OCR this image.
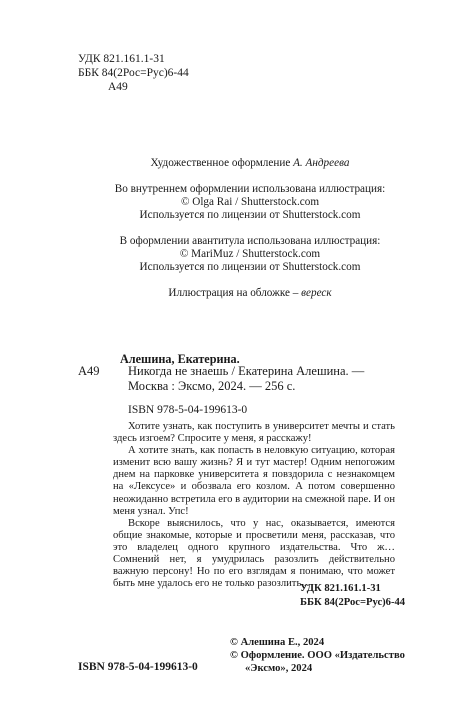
УДК 821.161.1-31
ББК 84(2Рос=Рус)6-44
А49

Художественное оформление А. Андреева

Во внутреннем оформлении использована иллюстрация:

© Olga Rai / Shutterstock.com

Используется по лицензии от Shutterstock.com

В оформлении авантитула использована иллюстрация:

© MariMuz / Shutterstock.com

Используется по лицензии от Shutterstock.com

Иллюстрация на обложке – вереск

Алешина, Екатерина.
А49 Никогда не знаешь / Екатерина Алешина. —
Москва : Эксмо, 2024. — 256 с.
ISBN 978-5-04-199613-0

Хотите узнать, как поступить в университет мечты и стать здесь изгоем? Спросите у меня, я расскажу!

А хотите знать, как попасть в неловкую ситуацию, которая изменит всю вашу жизнь? Я и тут мастер! Одним непогожим днем на парковке университета я повздорила с незнакомцем на «Лексусе» и обозвала его козлом. А потом совершенно неожиданно встретила его в аудитории на смежной паре. И он меня узнал. Упс!

Вскоре выяснилось, что у нас, оказывается, имеются общие знакомые, которые и просветили меня, рассказав, что это владелец одного крупного издательства. Что ж… Сомнений нет, я умудрилась разозлить действительно важную персону! Но по его взглядам я понимаю, что может быть мне удалось его не только разозлить...

УДК 821.161.1-31
ББК 84(2Рос=Рус)6-44
© Алешина Е., 2024
© Оформление. ООО «Издательство
«Эксмо», 2024
ISBN 978-5-04-199613-0
